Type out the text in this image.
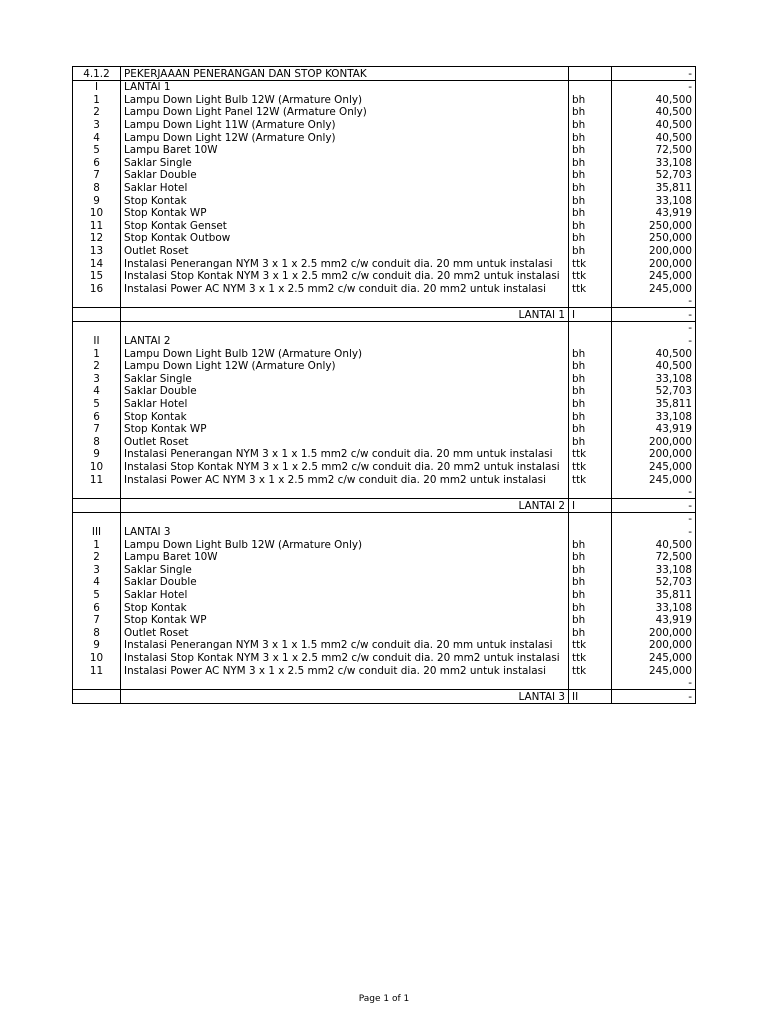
4.1.2	PEKERJAAAN PENERANGAN DAN STOP KONTAK		-
I	LANTAI 1		-
1	Lampu Down Light Bulb 12W (Armature Only)	bh	40,500
2	Lampu Down Light Panel 12W (Armature Only)	bh	40,500
3	Lampu Down Light 11W (Armature Only)	bh	40,500
4	Lampu Down Light 12W (Armature Only)	bh	40,500
5	Lampu Baret 10W	bh	72,500
6	Saklar Single	bh	33,108
7	Saklar Double	bh	52,703
8	Saklar Hotel	bh	35,811
9	Stop Kontak	bh	33,108
10	Stop Kontak WP	bh	43,919
11	Stop Kontak Genset	bh	250,000
12	Stop Kontak Outbow	bh	250,000
13	Outlet Roset	bh	200,000
14	Instalasi Penerangan NYM 3 x 1 x 2.5 mm2 c/w conduit dia. 20 mm untuk instalasi	ttk	200,000
15	Instalasi Stop Kontak NYM 3 x 1 x 2.5 mm2 c/w conduit dia. 20 mm2 untuk instalasi	ttk	245,000
16	Instalasi Power AC NYM 3 x 1 x 2.5 mm2 c/w conduit dia. 20 mm2 untuk instalasi	ttk	245,000
			-
	LANTAI 1	I	-
			-
II	LANTAI 2		-
1	Lampu Down Light Bulb 12W (Armature Only)	bh	40,500
2	Lampu Down Light 12W (Armature Only)	bh	40,500
3	Saklar Single	bh	33,108
4	Saklar Double	bh	52,703
5	Saklar Hotel	bh	35,811
6	Stop Kontak	bh	33,108
7	Stop Kontak WP	bh	43,919
8	Outlet Roset	bh	200,000
9	Instalasi Penerangan NYM 3 x 1 x 1.5 mm2 c/w conduit dia. 20 mm untuk instalasi	ttk	200,000
10	Instalasi Stop Kontak NYM 3 x 1 x 2.5 mm2 c/w conduit dia. 20 mm2 untuk instalasi	ttk	245,000
11	Instalasi Power AC NYM 3 x 1 x 2.5 mm2 c/w conduit dia. 20 mm2 untuk instalasi	ttk	245,000
			-
	LANTAI 2	I	-
			-
III	LANTAI 3		-
1	Lampu Down Light Bulb 12W (Armature Only)	bh	40,500
2	Lampu Baret 10W	bh	72,500
3	Saklar Single	bh	33,108
4	Saklar Double	bh	52,703
5	Saklar Hotel	bh	35,811
6	Stop Kontak	bh	33,108
7	Stop Kontak WP	bh	43,919
8	Outlet Roset	bh	200,000
9	Instalasi Penerangan NYM 3 x 1 x 1.5 mm2 c/w conduit dia. 20 mm untuk instalasi	ttk	200,000
10	Instalasi Stop Kontak NYM 3 x 1 x 2.5 mm2 c/w conduit dia. 20 mm2 untuk instalasi	ttk	245,000
11	Instalasi Power AC NYM 3 x 1 x 2.5 mm2 c/w conduit dia. 20 mm2 untuk instalasi	ttk	245,000
			-
	LANTAI 3	II	-
Page 1 of 1
